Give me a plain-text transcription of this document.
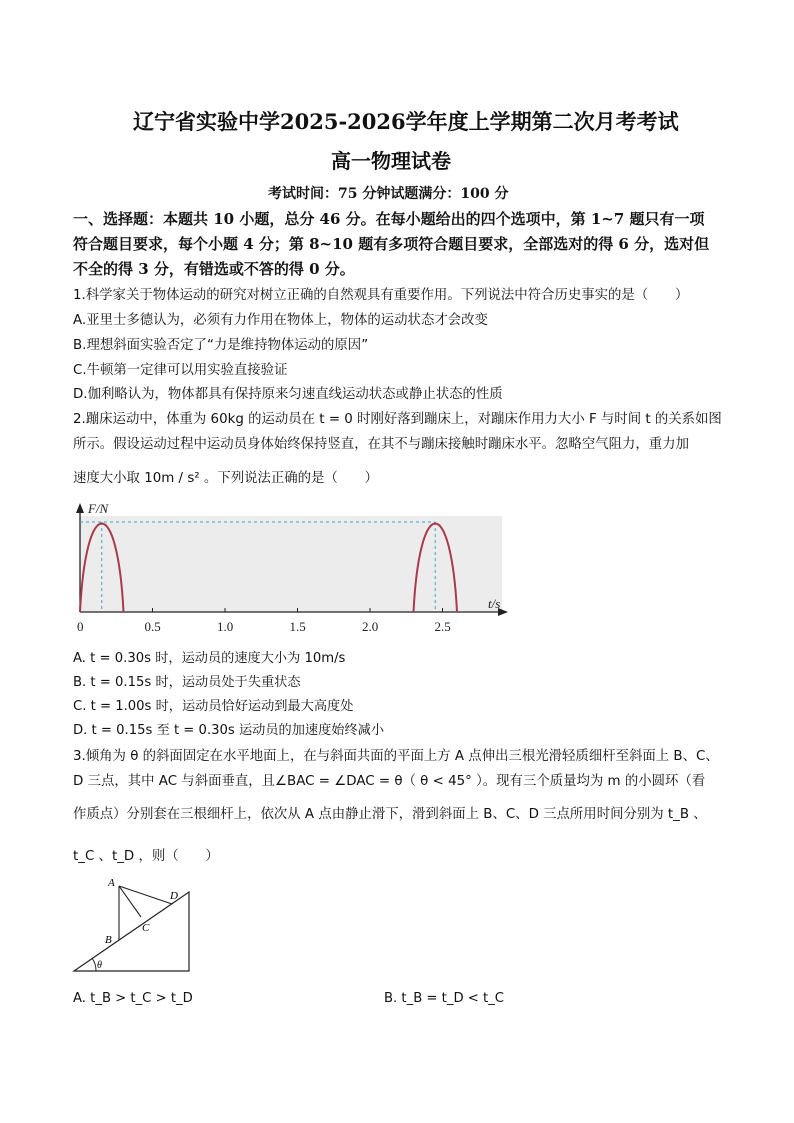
辽宁省实验中学2025-2026学年度上学期第二次月考考试
高一物理试卷
考试时间：75 分钟试题满分：100 分
一、选择题：本题共 10 小题，总分 46 分。在每小题给出的四个选项中，第 1~7 题只有一项
符合题目要求，每个小题 4 分；第 8~10 题有多项符合题目要求，全部选对的得 6 分，选对但
不全的得 3 分，有错选或不答的得 0 分。
1.科学家关于物体运动的研究对树立正确的自然观具有重要作用。下列说法中符合历史事实的是（　　）
A.亚里士多德认为，必须有力作用在物体上，物体的运动状态才会改变
B.理想斜面实验否定了“力是维持物体运动的原因”
C.牛顿第一定律可以用实验直接验证
D.伽利略认为，物体都具有保持原来匀速直线运动状态或静止状态的性质
2.蹦床运动中，体重为 60kg 的运动员在 t = 0 时刚好落到蹦床上，对蹦床作用力大小 F 与时间 t 的关系如图
所示。假设运动过程中运动员身体始终保持竖直，在其不与蹦床接触时蹦床水平。忽略空气阻力，重力加
速度大小取 10m / s² 。下列说法正确的是（　　）
F/N
t/s
0	0.5	1.0	1.5	2.0	2.5
A. t = 0.30s 时，运动员的速度大小为 10m/s
B. t = 0.15s 时，运动员处于失重状态
C. t = 1.00s 时，运动员恰好运动到最大高度处
D. t = 0.15s 至 t = 0.30s 运动员的加速度始终减小
3.倾角为 θ 的斜面固定在水平地面上，在与斜面共面的平面上方 A 点伸出三根光滑轻质细杆至斜面上 B、C、
D 三点，其中 AC 与斜面垂直，且∠BAC = ∠DAC = θ（ θ < 45° ）。现有三个质量均为 m 的小圆环（看
作质点）分别套在三根细杆上，依次从 A 点由静止滑下，滑到斜面上 B、C、D 三点所用时间分别为 t_B 、
t_C 、t_D ，则（　　）
A
B
C
D
θ
A. t_B > t_C > t_D	B. t_B = t_D < t_C
